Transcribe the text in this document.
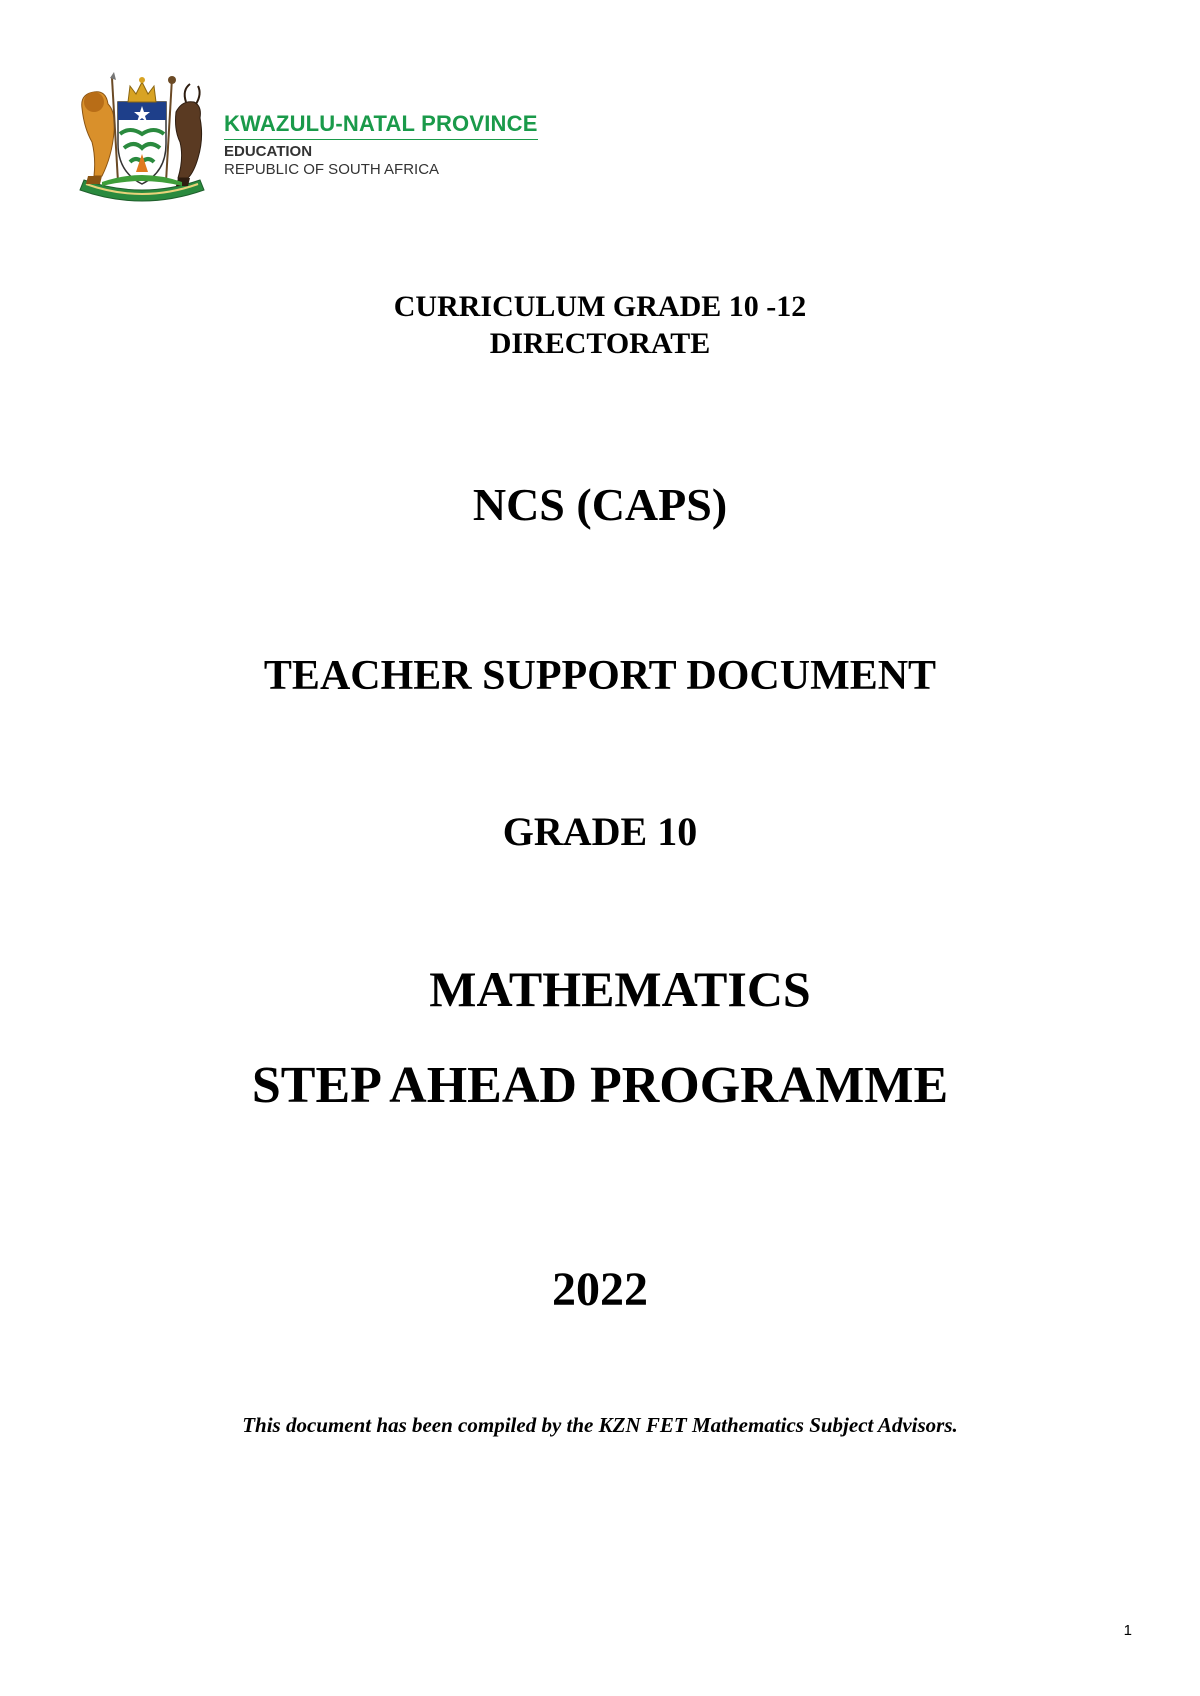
KWAZULU-NATAL PROVINCE
EDUCATION
REPUBLIC OF SOUTH AFRICA
CURRICULUM GRADE 10 -12
DIRECTORATE
NCS (CAPS)
TEACHER SUPPORT DOCUMENT
GRADE 10
MATHEMATICS
STEP AHEAD PROGRAMME
2022
This document has been compiled by the KZN FET Mathematics Subject Advisors.
1
